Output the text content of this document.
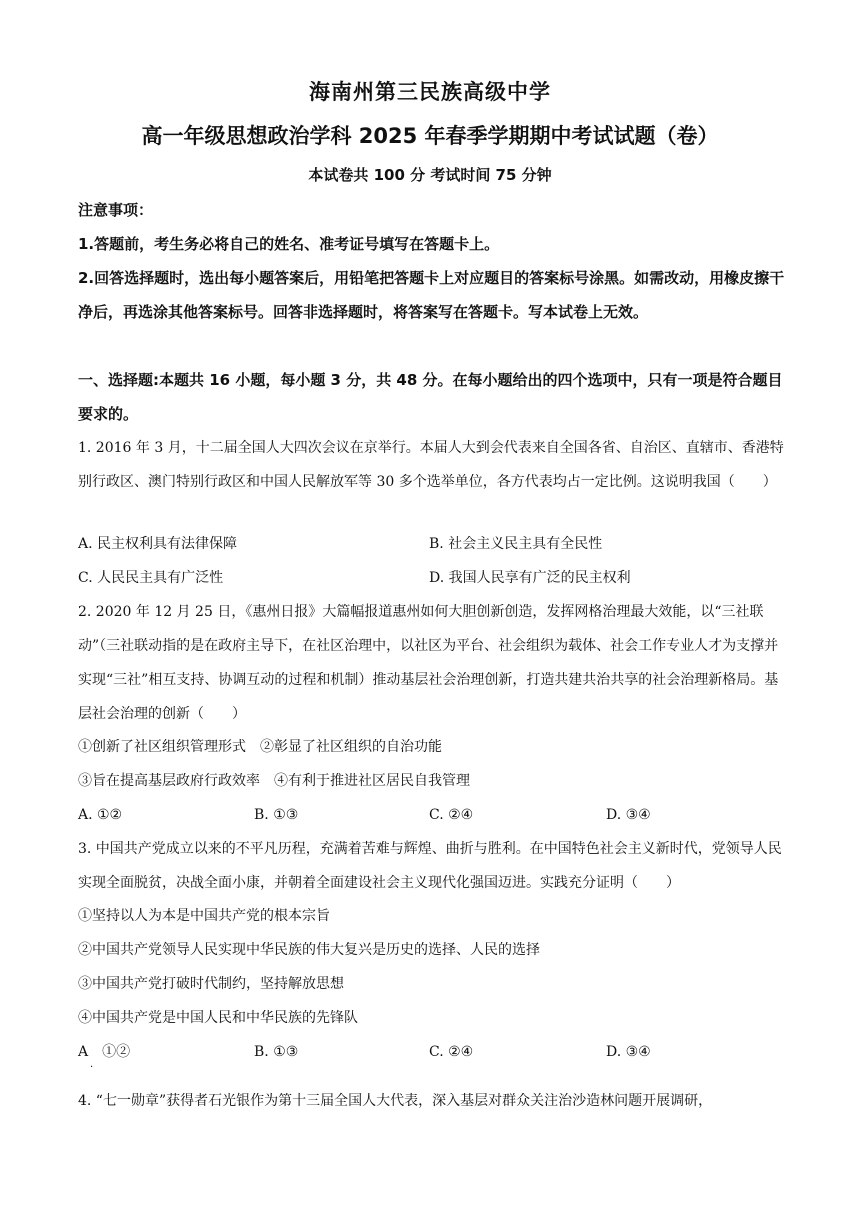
海南州第三民族高级中学
高一年级思想政治学科 2025 年春季学期期中考试试题（卷）
本试卷共 100 分 考试时间 75 分钟
注意事项：
1.答题前，考生务必将自己的姓名、准考证号填写在答题卡上。
2.回答选择题时，选出每小题答案后，用铅笔把答题卡上对应题目的答案标号涂黑。如需改动，用橡皮擦干净后，再选涂其他答案标号。回答非选择题时，将答案写在答题卡。写本试卷上无效。
一、选择题:本题共 16 小题，每小题 3 分，共 48 分。在每小题给出的四个选项中，只有一项是符合题目要求的。
1. 2016 年 3 月，十二届全国人大四次会议在京举行。本届人大到会代表来自全国各省、自治区、直辖市、香港特别行政区、澳门特别行政区和中国人民解放军等 30 多个选举单位，各方代表均占一定比例。这说明我国（　　）
A. 民主权利具有法律保障	B. 社会主义民主具有全民性
C. 人民民主具有广泛性	D. 我国人民享有广泛的民主权利
2. 2020 年 12 月 25 日，《惠州日报》大篇幅报道惠州如何大胆创新创造，发挥网格治理最大效能，以“三社联动”（三社联动指的是在政府主导下，在社区治理中，以社区为平台、社会组织为载体、社会工作专业人才为支撑并实现“三社”相互支持、协调互动的过程和机制）推动基层社会治理创新，打造共建共治共享的社会治理新格局。基层社会治理的创新（　　）
①创新了社区组织管理形式　②彰显了社区组织的自治功能
③旨在提高基层政府行政效率　④有利于推进社区居民自我管理
A. ①②	B. ①③	C. ②④	D. ③④
3. 中国共产党成立以来的不平凡历程，充满着苦难与辉煌、曲折与胜利。在中国特色社会主义新时代，党领导人民实现全面脱贫，决战全面小康，并朝着全面建设社会主义现代化强国迈进。实践充分证明（　　）
①坚持以人为本是中国共产党的根本宗旨
②中国共产党领导人民实现中华民族的伟大复兴是历史的选择、人民的选择
③中国共产党打破时代制约，坚持解放思想
④中国共产党是中国人民和中华民族的先锋队
A　①②	B. ①③	C. ②④	D. ③④
·
4. “七一勋章”获得者石光银作为第十三届全国人大代表，深入基层对群众关注治沙造林问题开展调研，
